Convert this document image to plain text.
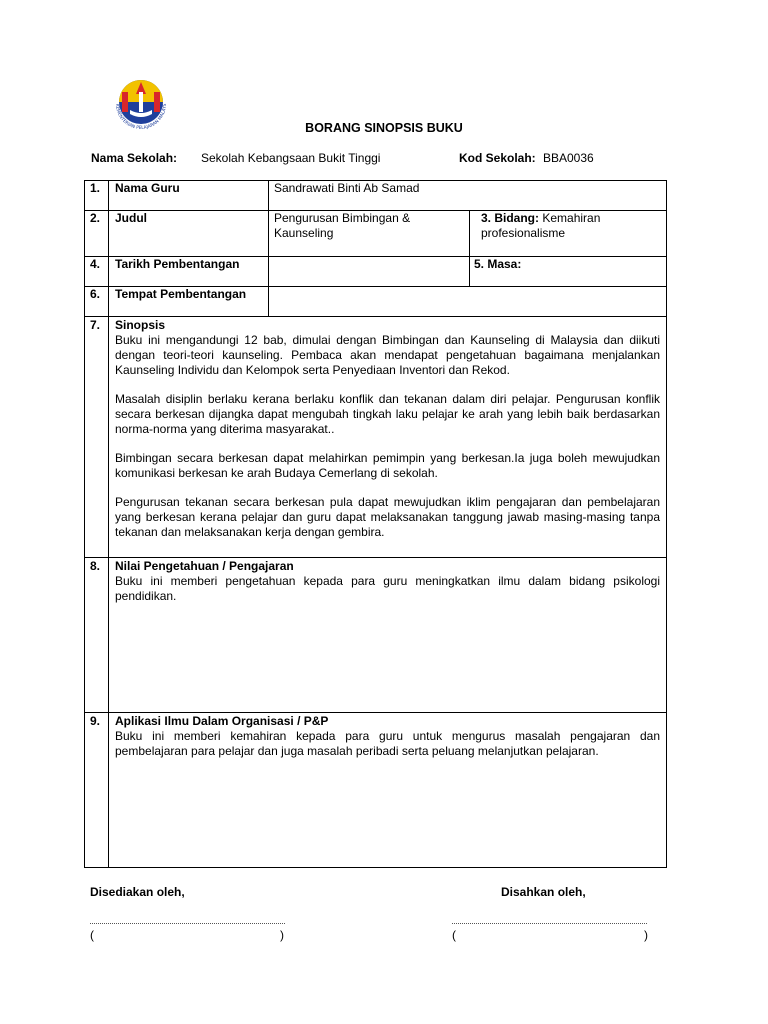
KEMENTERIAN PELAJARAN MALAYS
BORANG SINOPSIS BUKU
Nama Sekolah: Sekolah Kebangsaan Bukit Tinggi	Kod Sekolah: BBA0036
1. Nama Guru	Sandrawati Binti Ab Samad
2. Judul	Pengurusan Bimbingan & Kaunseling
3. Bidang: Kemahiran profesionalisme
4. Tarikh Pembentangan	5. Masa:
6. Tempat Pembentangan
7. Sinopsis

Buku ini mengandungi 12 bab, dimulai dengan Bimbingan dan Kaunseling di Malaysia dan diikuti dengan teori-teori kaunseling. Pembaca akan mendapat pengetahuan bagaimana menjalankan Kaunseling Individu dan Kelompok serta Penyediaan Inventori dan Rekod.

Masalah disiplin berlaku kerana berlaku konflik dan tekanan dalam diri pelajar. Pengurusan konflik secara berkesan dijangka dapat mengubah tingkah laku pelajar ke arah yang lebih baik berdasarkan norma-norma yang diterima masyarakat..

Bimbingan secara berkesan dapat melahirkan pemimpin yang berkesan.Ia juga boleh mewujudkan komunikasi berkesan ke arah Budaya Cemerlang di sekolah.

Pengurusan tekanan secara berkesan pula dapat mewujudkan iklim pengajaran dan pembelajaran yang berkesan kerana pelajar dan guru dapat melaksanakan tanggung jawab masing-masing tanpa tekanan dan melaksanakan kerja dengan gembira.

8. Nilai Pengetahuan / Pengajaran

Buku ini memberi pengetahuan kepada para guru meningkatkan ilmu dalam bidang psikologi pendidikan.

9. Aplikasi Ilmu Dalam Organisasi / P&P

Buku ini memberi kemahiran kepada para guru untuk mengurus masalah pengajaran dan pembelajaran para pelajar dan juga masalah peribadi serta peluang melanjutkan pelajaran.

Disediakan oleh,	Disahkan oleh,
(	)	(	)
